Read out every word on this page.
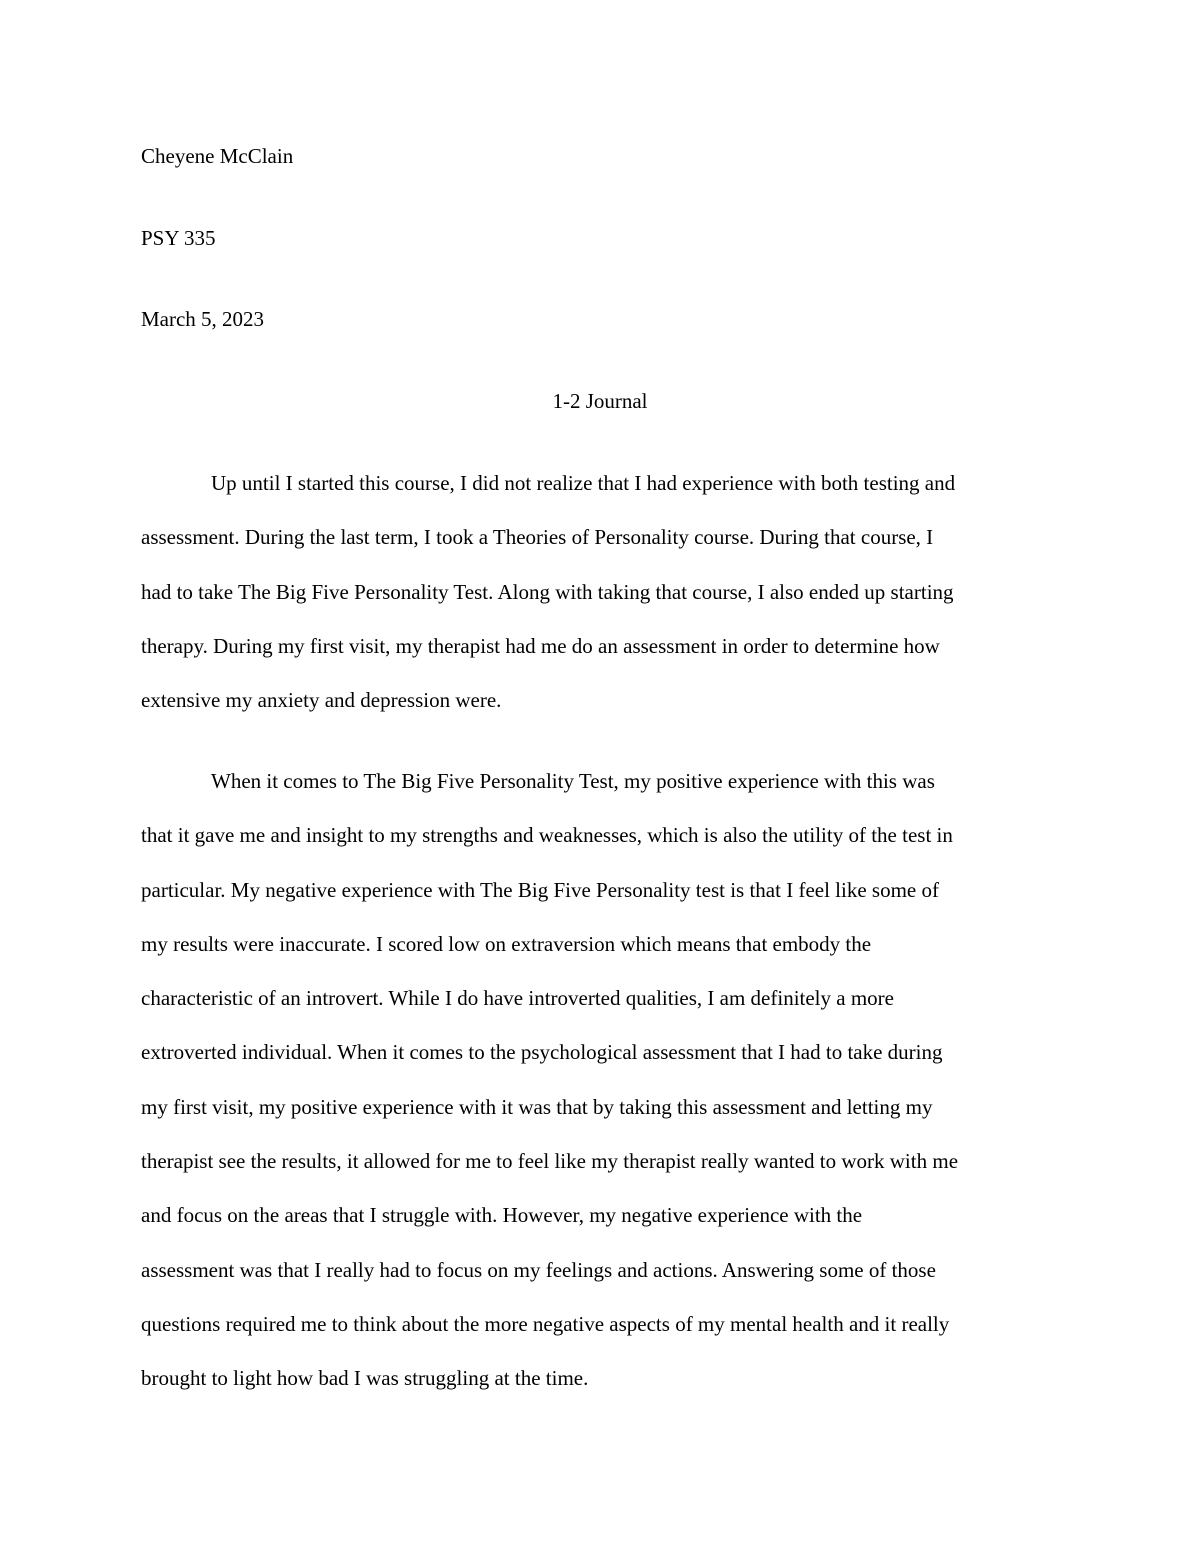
Cheyene McClain
PSY 335
March 5, 2023
1-2 Journal
Up until I started this course, I did not realize that I had experience with both testing and
assessment. During the last term, I took a Theories of Personality course. During that course, I
had to take The Big Five Personality Test. Along with taking that course, I also ended up starting
therapy. During my first visit, my therapist had me do an assessment in order to determine how
extensive my anxiety and depression were.
When it comes to The Big Five Personality Test, my positive experience with this was
that it gave me and insight to my strengths and weaknesses, which is also the utility of the test in
particular. My negative experience with The Big Five Personality test is that I feel like some of
my results were inaccurate. I scored low on extraversion which means that embody the
characteristic of an introvert. While I do have introverted qualities, I am definitely a more
extroverted individual. When it comes to the psychological assessment that I had to take during
my first visit, my positive experience with it was that by taking this assessment and letting my
therapist see the results, it allowed for me to feel like my therapist really wanted to work with me
and focus on the areas that I struggle with. However, my negative experience with the
assessment was that I really had to focus on my feelings and actions. Answering some of those
questions required me to think about the more negative aspects of my mental health and it really
brought to light how bad I was struggling at the time.
